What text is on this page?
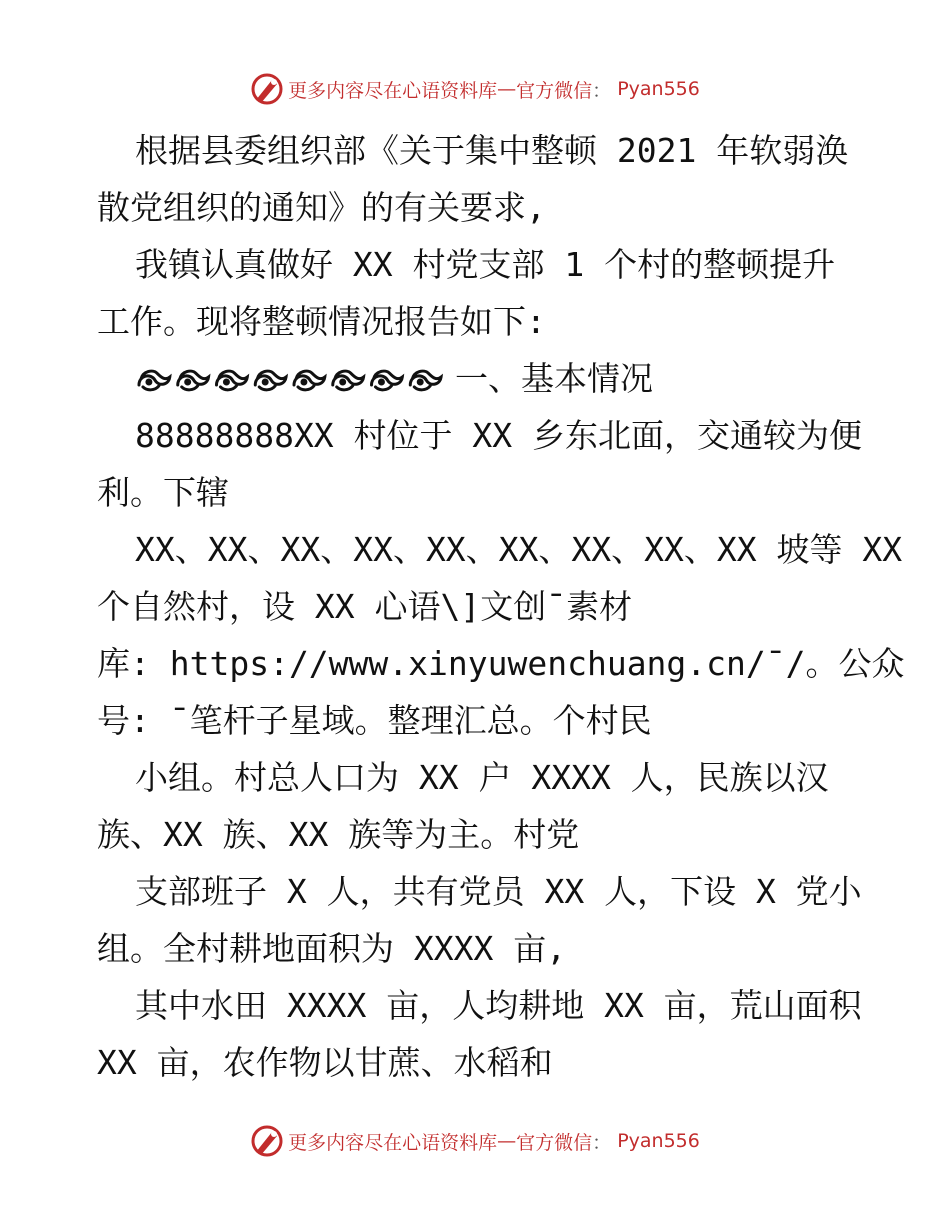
更多内容尽在心语资料库 — 官方微信 ： Pyan556
根据县委组织部《关于集中整顿 2021 年软弱涣
散党组织的通知》的有关要求,
我镇认真做好 XX 村党支部 1 个村的整顿提升
工作。现将整顿情况报告如下:
一、基本情况
88888888XX 村位于 XX 乡东北面，交通较为便
利。下辖
XX、XX、XX、XX、XX、XX、XX、XX、XX 坡等 XX
个自然村，设 XX 心语\]文创¯素材
库: https://www.xinyuwenchuang.cn/¯/。公众
号: ¯笔杆子星域。整理汇总。个村民
小组。村总人口为 XX 户 XXXX 人，民族以汉
族、XX 族、XX 族等为主。村党
支部班子 X 人，共有党员 XX 人，下设 X 党小
组。全村耕地面积为 XXXX 亩,
其中水田 XXXX 亩，人均耕地 XX 亩，荒山面积
XX 亩，农作物以甘蔗、水稻和
更多内容尽在心语资料库 — 官方微信 ： Pyan556
